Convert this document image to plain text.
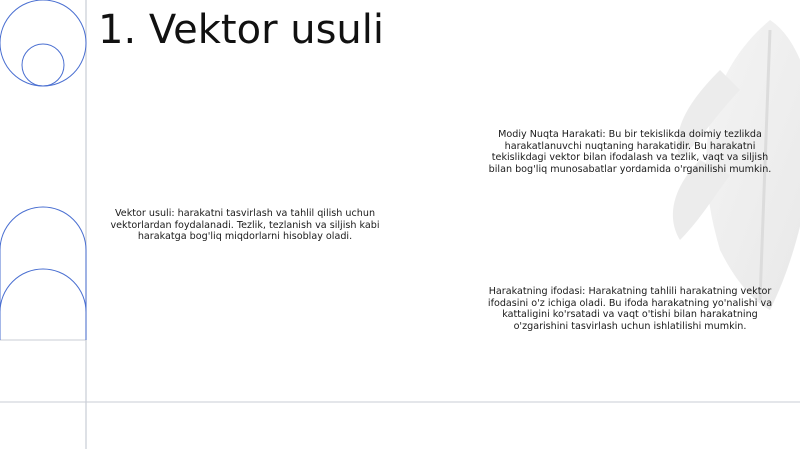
1. Vektor usuli

Vektor usuli: harakatni tasvirlash va tahlil qilish uchun vektorlardan foydalanadi. Tezlik, tezlanish va siljish kabi harakatga bog'liq miqdorlarni hisoblay oladi.

Modiy Nuqta Harakati: Bu bir tekislikda doimiy tezlikda harakatlanuvchi nuqtaning harakatidir. Bu harakatni tekislikdagi vektor bilan ifodalash va tezlik, vaqt va siljish bilan bog'liq munosabatlar yordamida o'rganilishi mumkin.

Harakatning ifodasi: Harakatning tahlili harakatning vektor ifodasini o'z ichiga oladi. Bu ifoda harakatning yo'nalishi va kattaligini ko'rsatadi va vaqt o'tishi bilan harakatning o'zgarishini tasvirlash uchun ishlatilishi mumkin.
